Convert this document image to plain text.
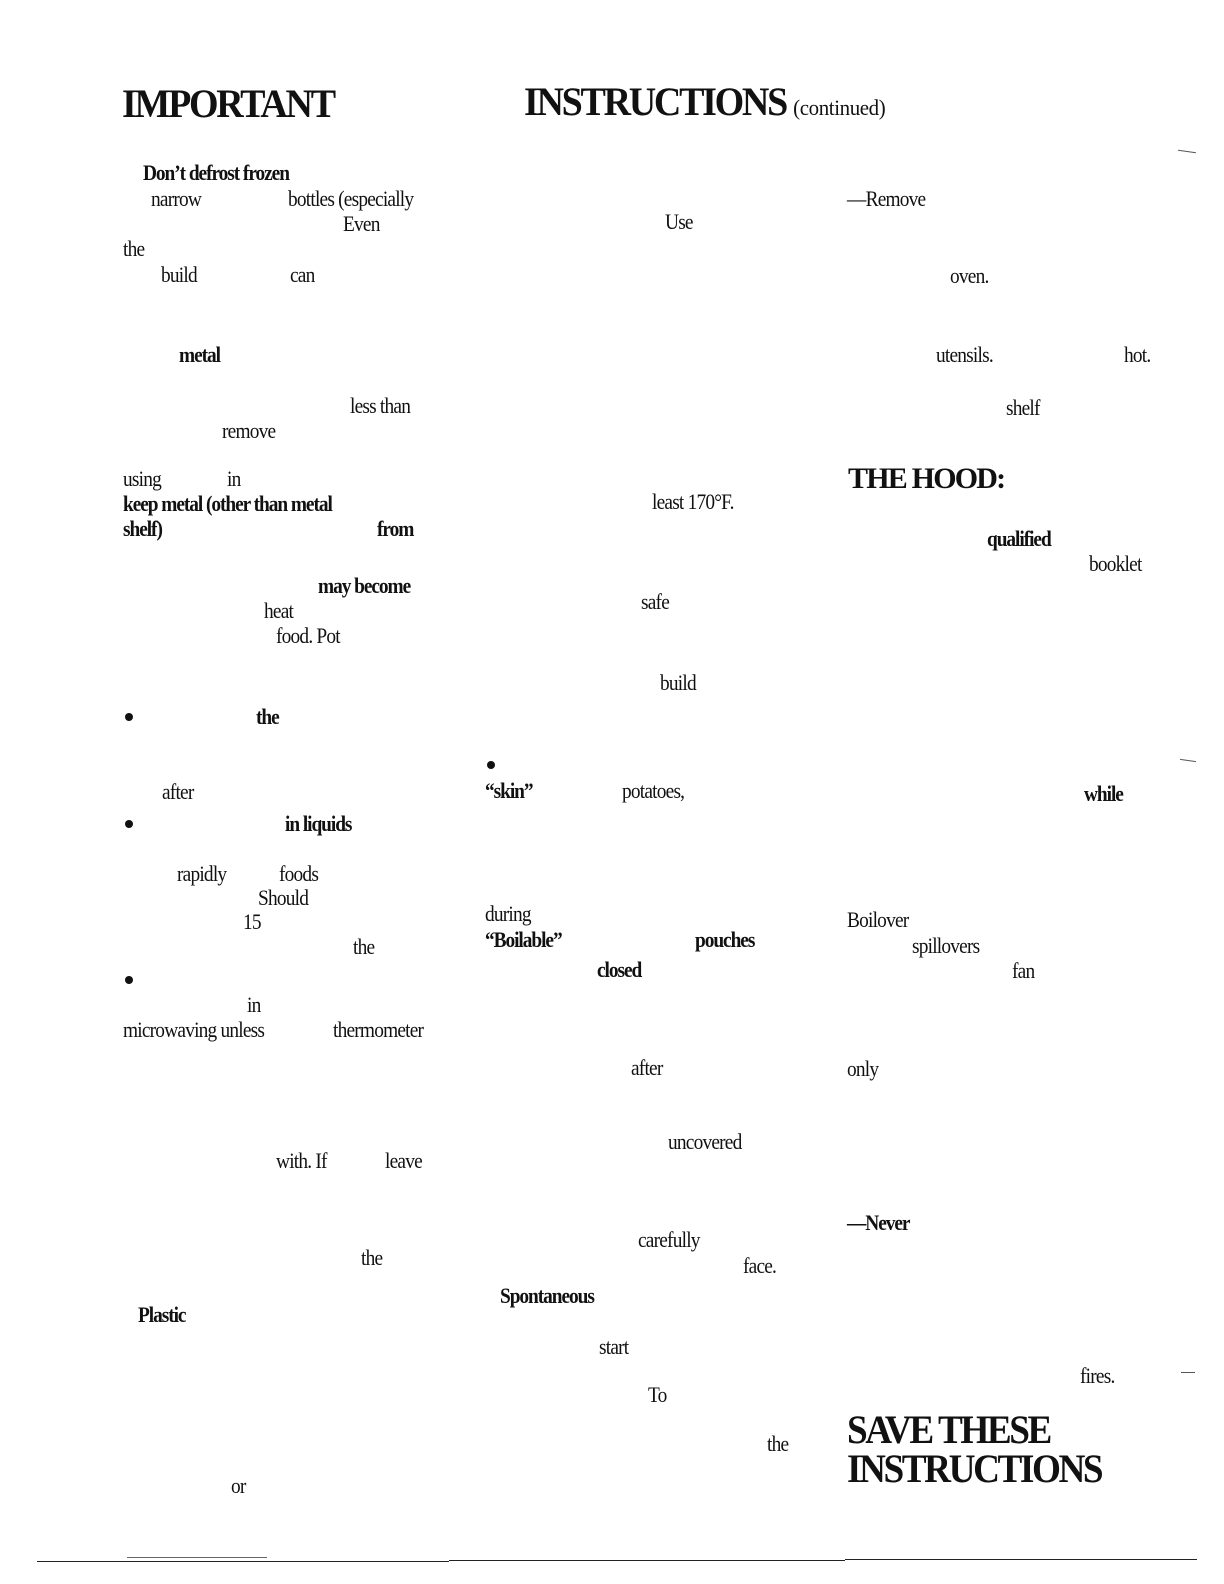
IMPORTANT	INSTRUCTIONS (continued)
Don’t defrost frozen
narrow	bottles (especially
Even
the
build	can
metal
less than
remove
using	in
keep metal (other than metal
shelf)	from
may become
heat
food. Pot
the
after
in liquids
rapidly foods
Should
15
the
in
microwaving unless	thermometer
with. If	leave
the
Plastic
or
Use
least 170°F.
safe
build
“skin”	potatoes,
during
“Boilable”	pouches
closed
after
uncovered
carefully
face.
Spontaneous
start
To
the
—Remove
oven.
utensils.	hot.
shelf
THE HOOD:
qualified
booklet
while
Boilover
spillovers
fan
only
—Never
fires.
SAVE THESE
INSTRUCTIONS
